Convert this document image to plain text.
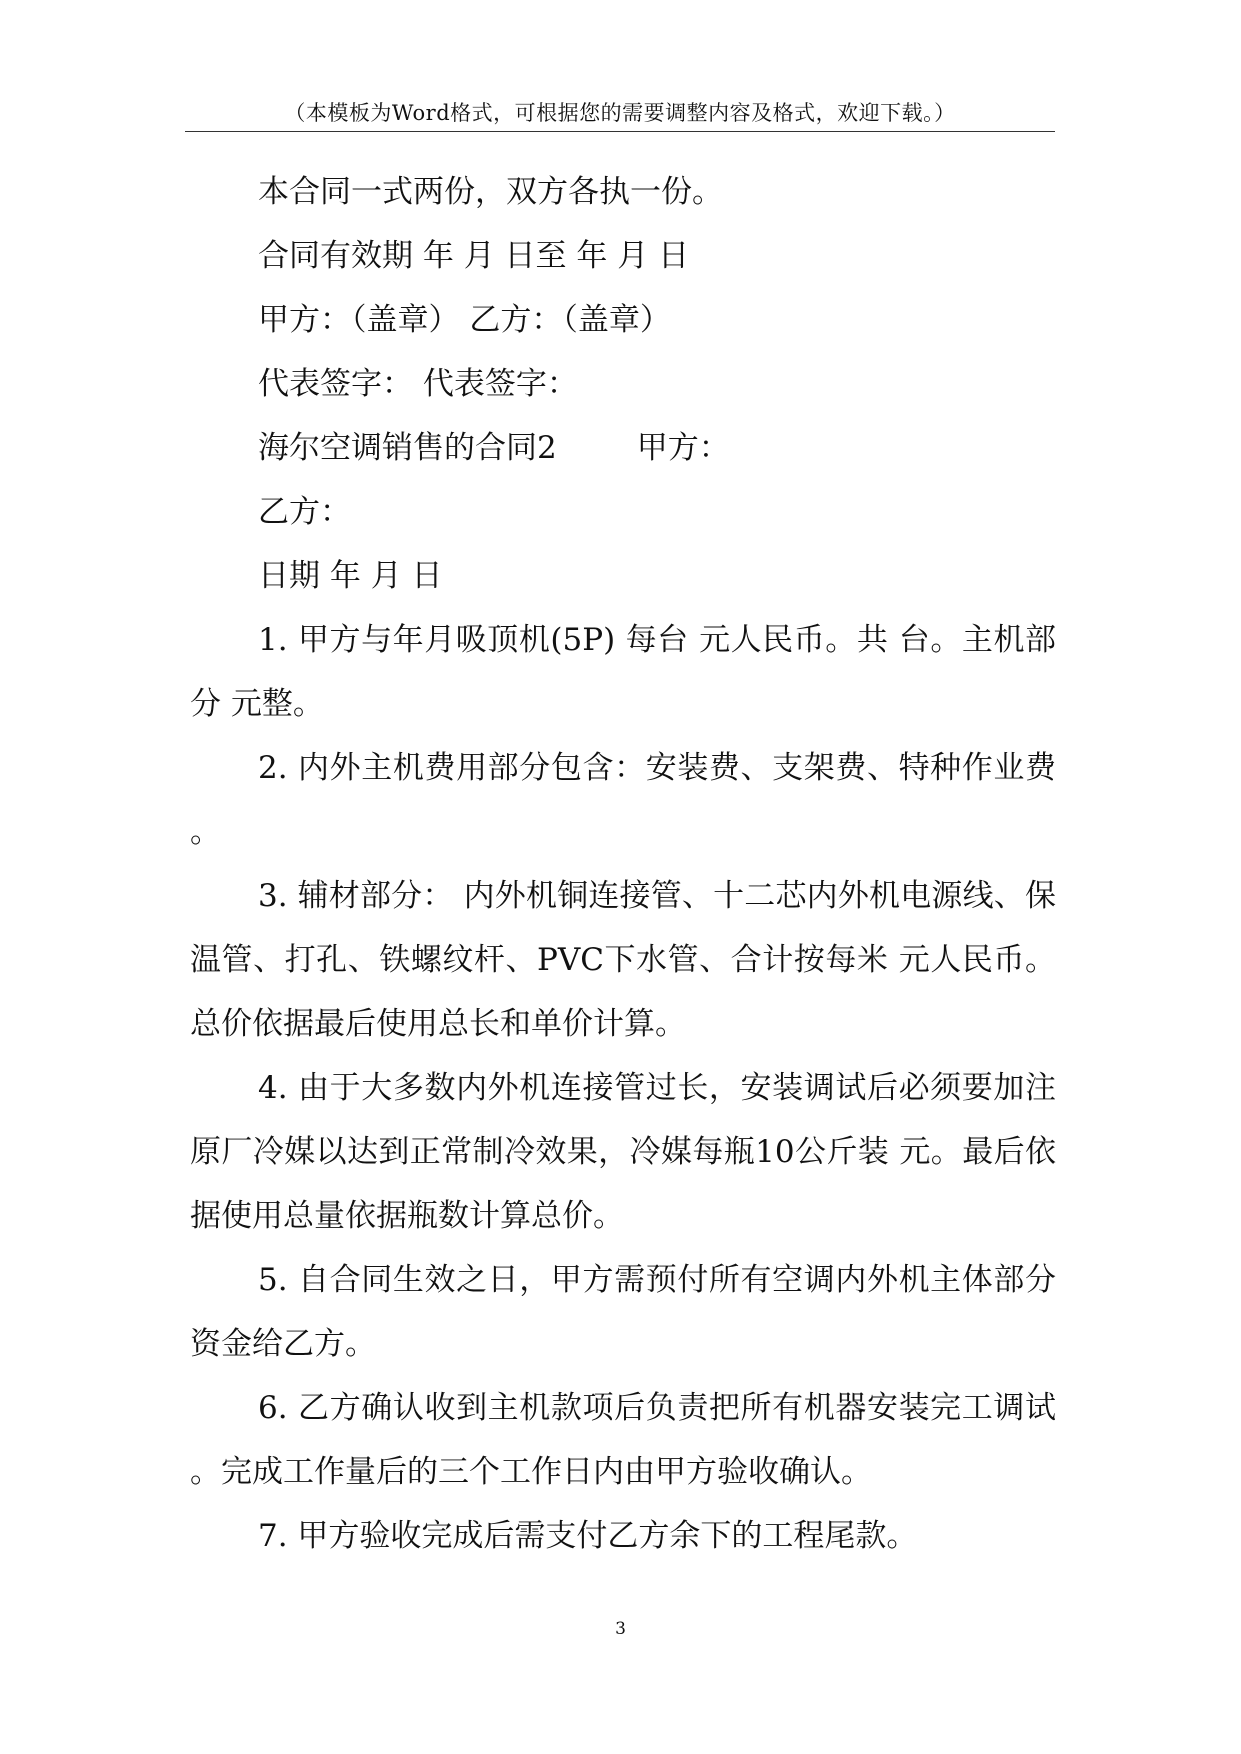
（本模板为Word格式，可根据您的需要调整内容及格式，欢迎下载。）

本合同一式两份，双方各执一份。

合同有效期 年 月 日至 年 月 日

甲方：（盖章） 乙方：（盖章）

代表签字： 代表签字：

海尔空调销售的合同2	甲方：

乙方：

日期 年 月 日

1. 甲方与年月吸顶机(5P) 每台 元人民币。共 台。主机部分 元整。

2. 内外主机费用部分包含：安装费、支架费、特种作业费。

3. 辅材部分： 内外机铜连接管、十二芯内外机电源线、保温管、打孔、铁螺纹杆、PVC下水管、合计按每米 元人民币。总价依据最后使用总长和单价计算。

4. 由于大多数内外机连接管过长，安装调试后必须要加注原厂冷媒以达到正常制冷效果，冷媒每瓶10公斤装 元。最后依据使用总量依据瓶数计算总价。

5. 自合同生效之日，甲方需预付所有空调内外机主体部分资金给乙方。

6. 乙方确认收到主机款项后负责把所有机器安装完工调试。完成工作量后的三个工作日内由甲方验收确认。

7. 甲方验收完成后需支付乙方余下的工程尾款。

3
